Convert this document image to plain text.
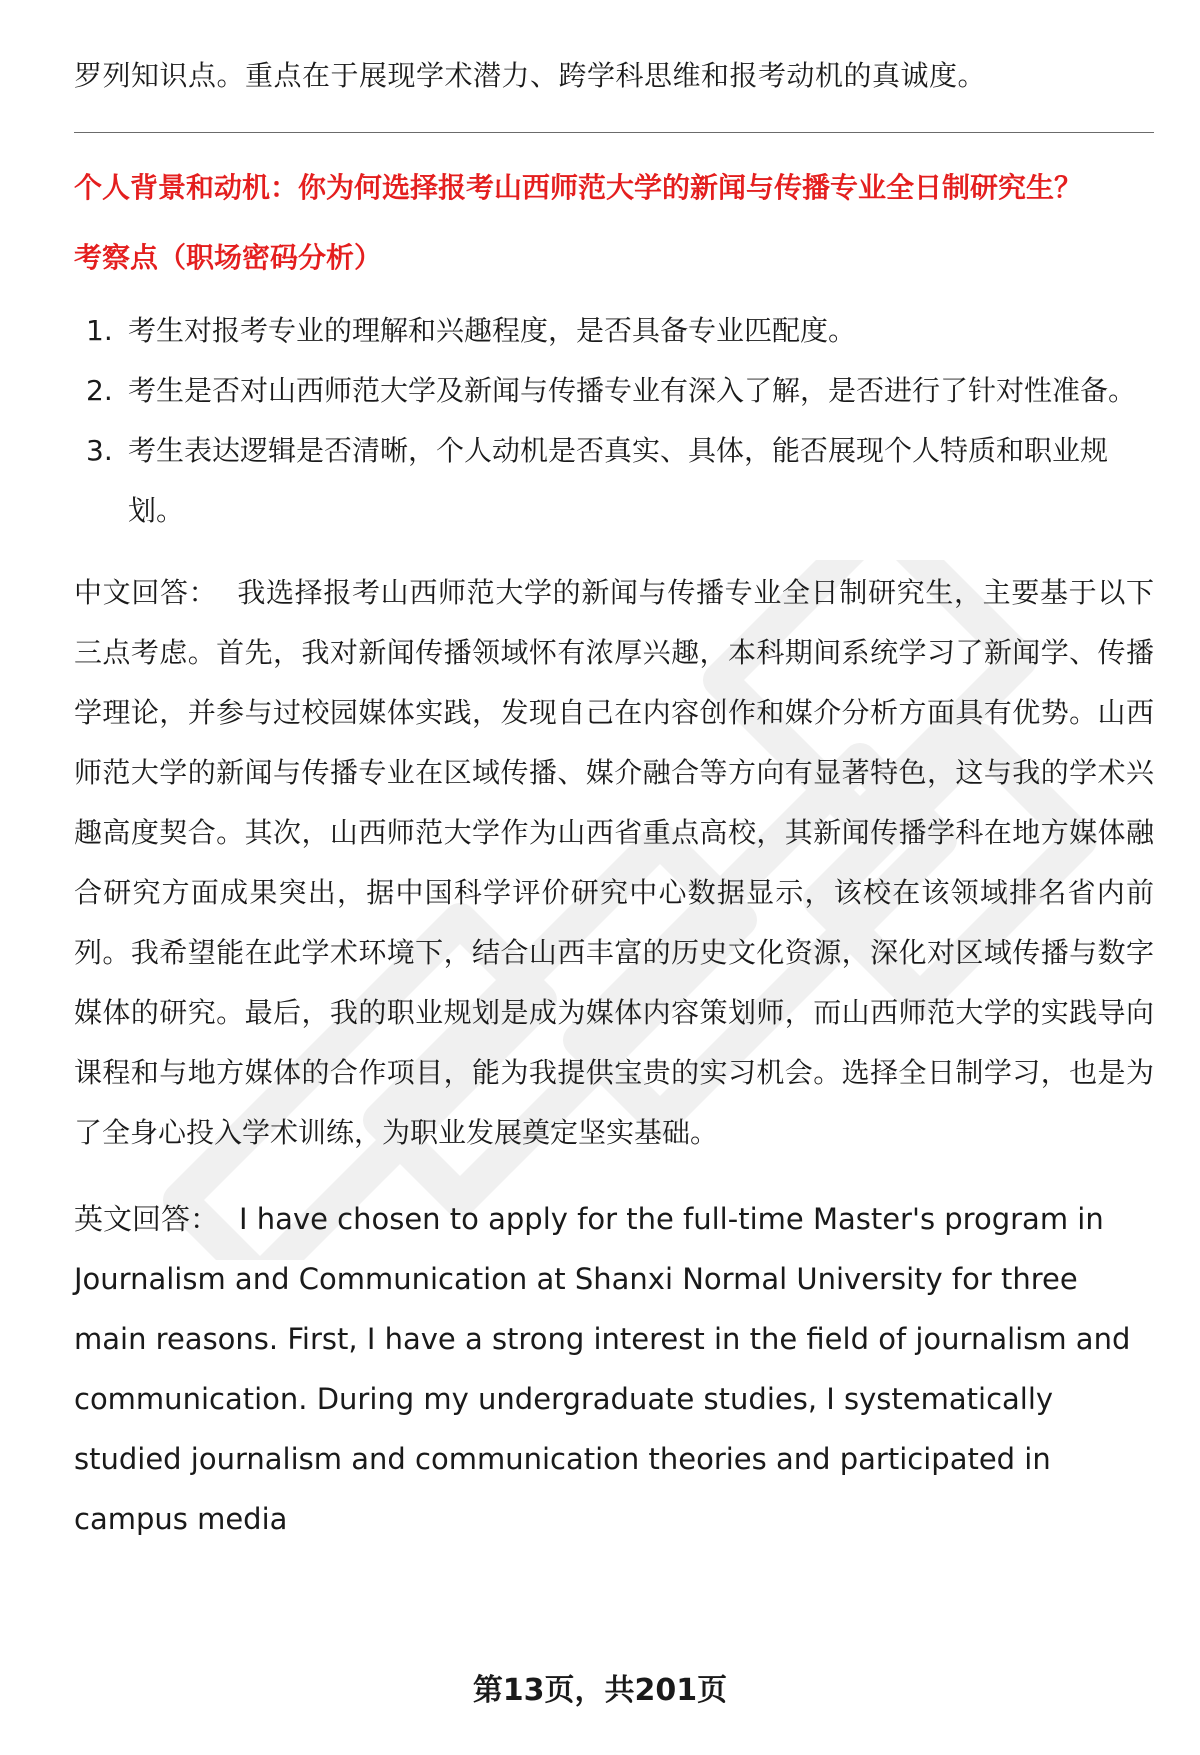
罗列知识点。重点在于展现学术潜力、跨学科思维和报考动机的真诚度。

个人背景和动机：你为何选择报考山西师范大学的新闻与传播专业全日制研究生？
考察点（职场密码分析）
1. 考生对报考专业的理解和兴趣程度，是否具备专业匹配度。
2. 考生是否对山西师范大学及新闻与传播专业有深入了解，是否进行了针对性准备。
3. 考生表达逻辑是否清晰，个人动机是否真实、具体，能否展现个人特质和职业规划。

中文回答： 我选择报考山西师范大学的新闻与传播专业全日制研究生，主要基于以下三点考虑。首先，我对新闻传播领域怀有浓厚兴趣，本科期间系统学习了新闻学、传播学理论，并参与过校园媒体实践，发现自己在内容创作和媒介分析方面具有优势。山西师范大学的新闻与传播专业在区域传播、媒介融合等方向有显著特色，这与我的学术兴趣高度契合。其次，山西师范大学作为山西省重点高校，其新闻传播学科在地方媒体融合研究方面成果突出，据中国科学评价研究中心数据显示，该校在该领域排名省内前列。我希望能在此学术环境下，结合山西丰富的历史文化资源，深化对区域传播与数字媒体的研究。最后，我的职业规划是成为媒体内容策划师，而山西师范大学的实践导向课程和与地方媒体的合作项目，能为我提供宝贵的实习机会。选择全日制学习，也是为了全身心投入学术训练，为职业发展奠定坚实基础。

英文回答： I have chosen to apply for the full-time Master's program in Journalism and Communication at Shanxi Normal University for three main reasons. First, I have a strong interest in the field of journalism and communication. During my undergraduate studies, I systematically studied journalism and communication theories and participated in campus media

第13页，共201页
